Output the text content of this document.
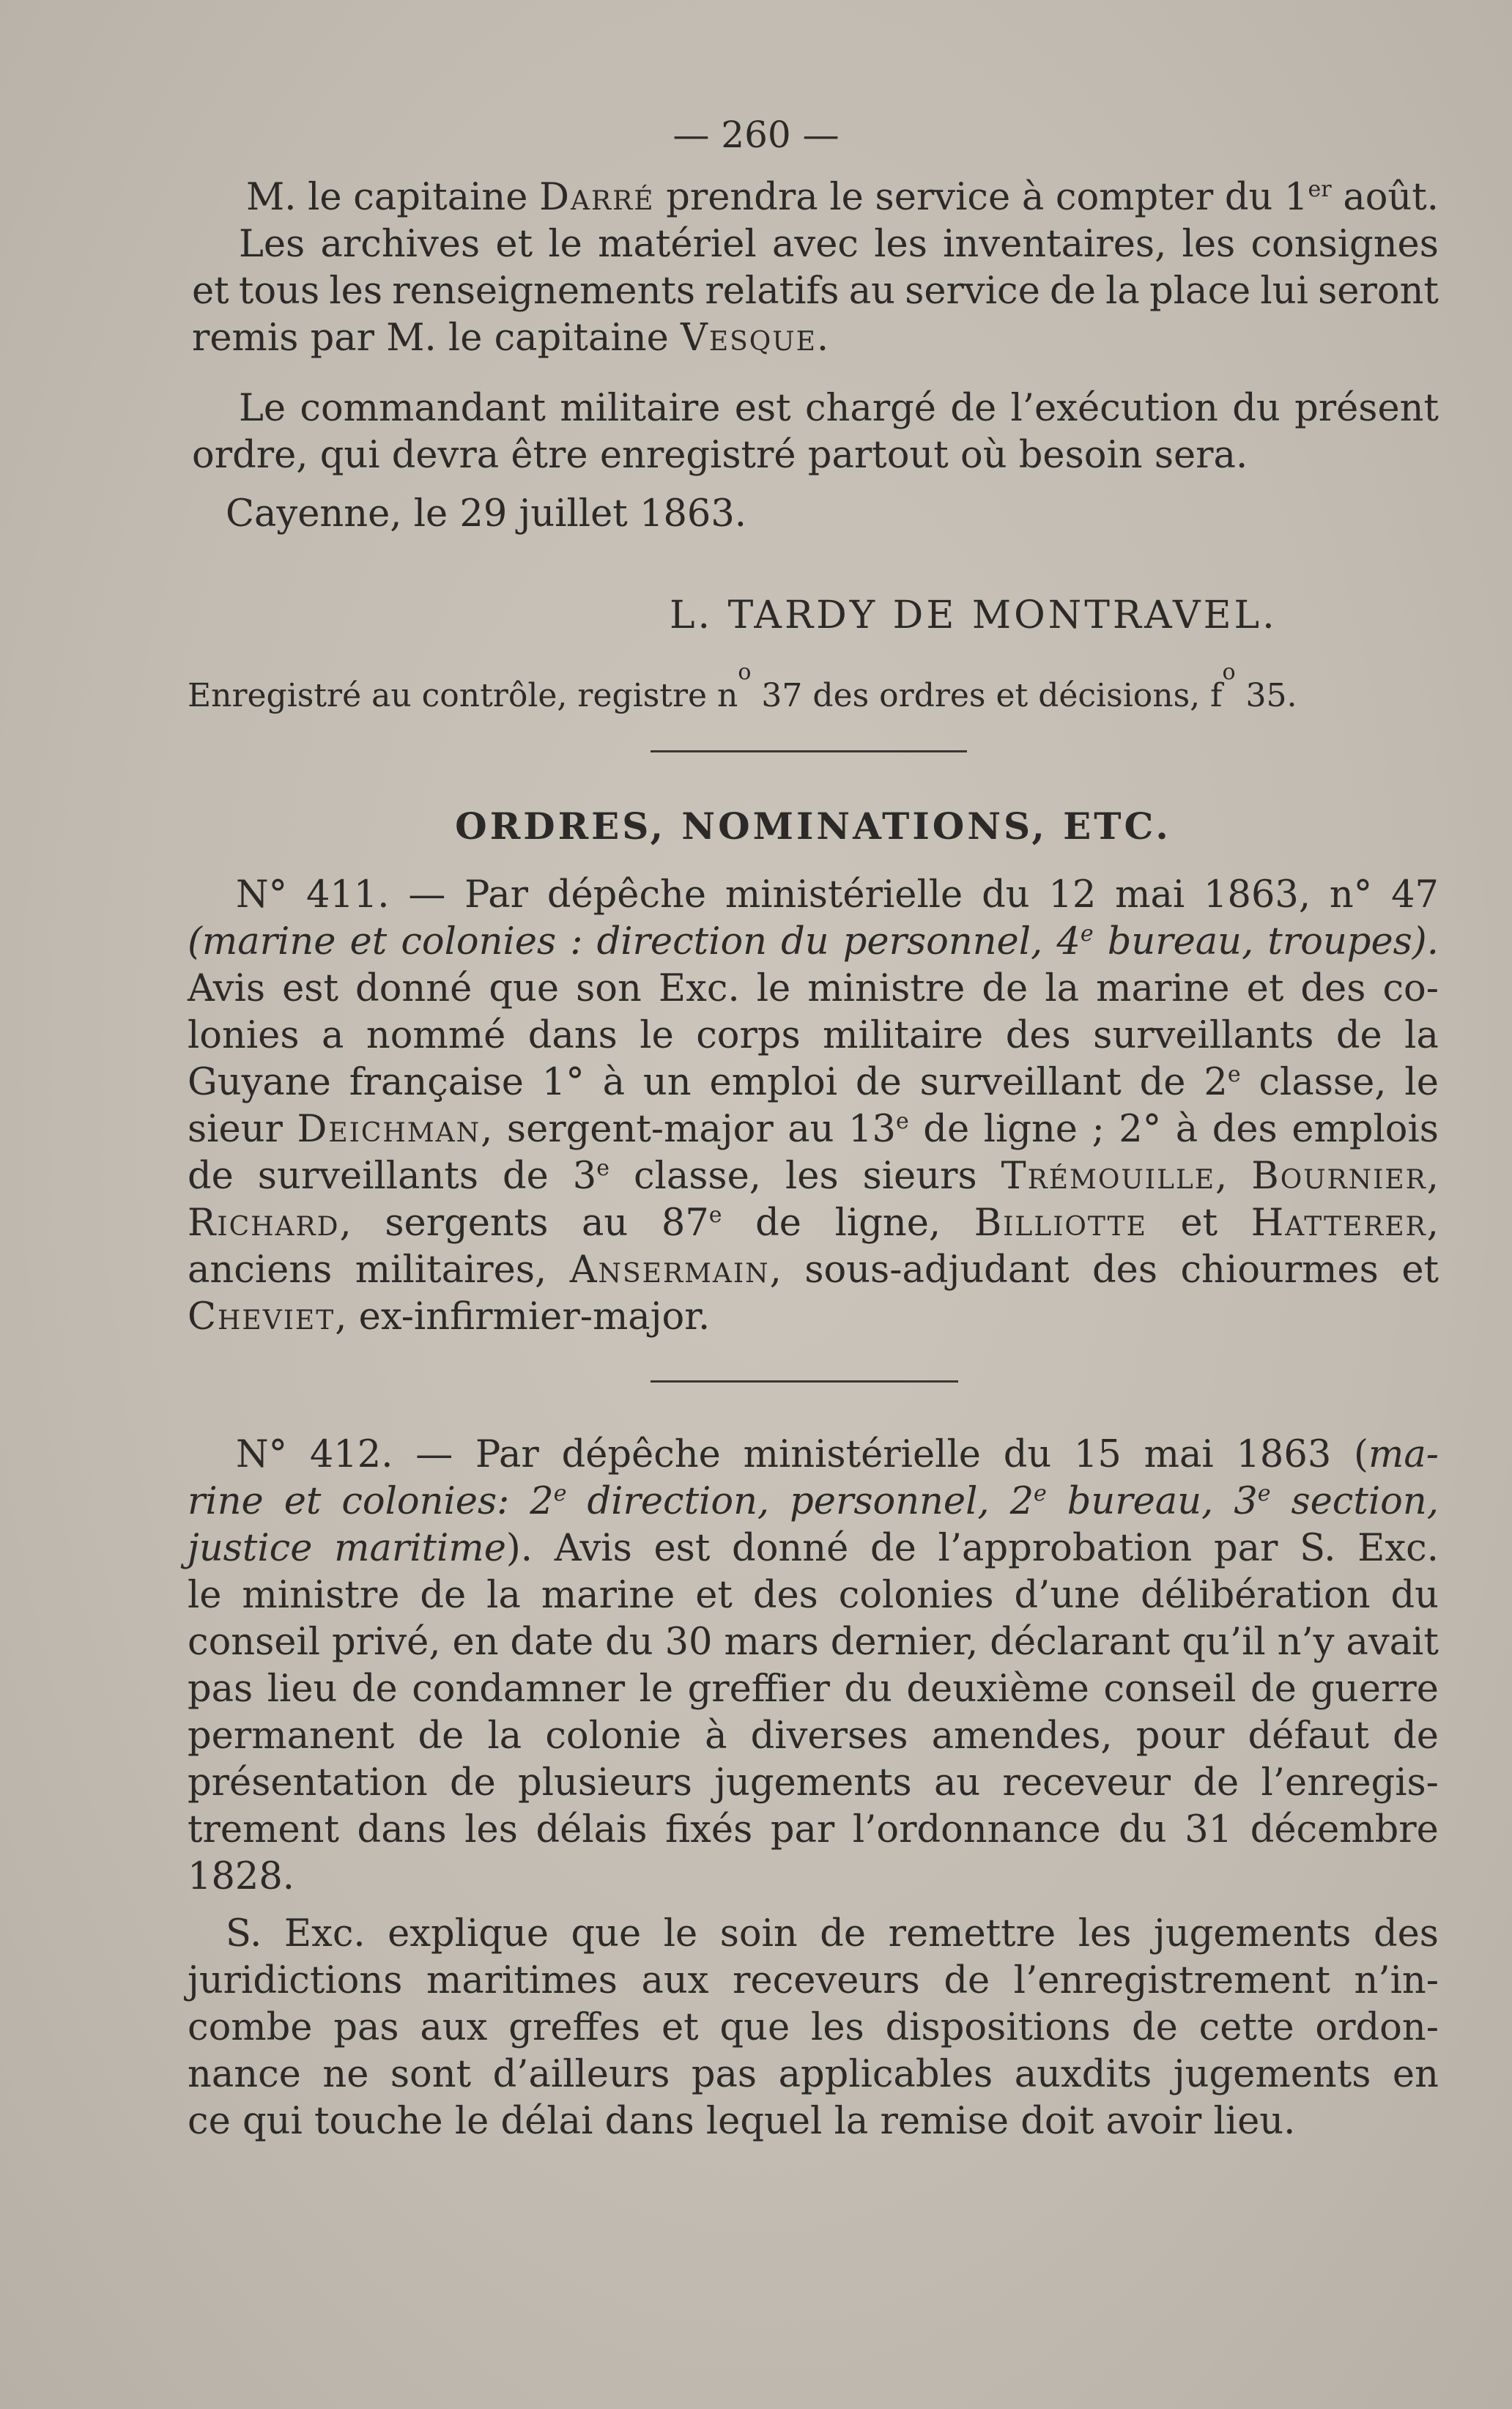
— 260 —
M. le capitaine Darré prendra le service à compter du 1er août.
Les archives et le matériel avec les inventaires, les consignes
et tous les renseignements relatifs au service de la place lui seront
remis par M. le capitaine Vesque .
Le commandant militaire est chargé de l’exécution du présent
ordre, qui devra être enregistré partout où besoin sera.
Cayenne, le 29 juillet 1863.
L. TARDY DE MONTRAVEL.
Enregistré au contrôle, registre n
o
37 des ordres et décisions, f
o
35.
ORDRES, NOMINATIONS, ETC.
N° 411. — Par dépêche ministérielle du 12 mai 1863, n° 47
(marine et colonies : direction du personnel, 4e bureau, troupes).
Avis est donné que son Exc. le ministre de la marine et des co-
lonies a nommé dans le corps militaire des surveillants de la
Guyane française 1° à un emploi de surveillant de 2e classe, le
sieur Deichman, sergent-major au 13e de ligne ; 2° à des emplois
de surveillants de 3e classe, les sieurs Trémouille, Bournier,
Richard, sergents au 87e de ligne, Billiotte et Hatterer,
anciens militaires, Ansermain, sous-adjudant des chiourmes et
Cheviet , ex-infirmier-major.
N° 412. — Par dépêche ministérielle du 15 mai 1863 (ma-
rine et colonies: 2e direction, personnel, 2e bureau, 3e section,
justice maritime). Avis est donné de l’approbation par S. Exc.
le ministre de la marine et des colonies d’une délibération du
conseil privé, en date du 30 mars dernier, déclarant qu’il n’y avait
pas lieu de condamner le greffier du deuxième conseil de guerre
permanent de la colonie à diverses amendes, pour défaut de
présentation de plusieurs jugements au receveur de l’enregis-
trement dans les délais fixés par l’ordonnance du 31 décembre
1828.
S. Exc. explique que le soin de remettre les jugements des
juridictions maritimes aux receveurs de l’enregistrement n’in-
combe pas aux greffes et que les dispositions de cette ordon-
nance ne sont d’ailleurs pas applicables auxdits jugements en
ce qui touche le délai dans lequel la remise doit avoir lieu.
